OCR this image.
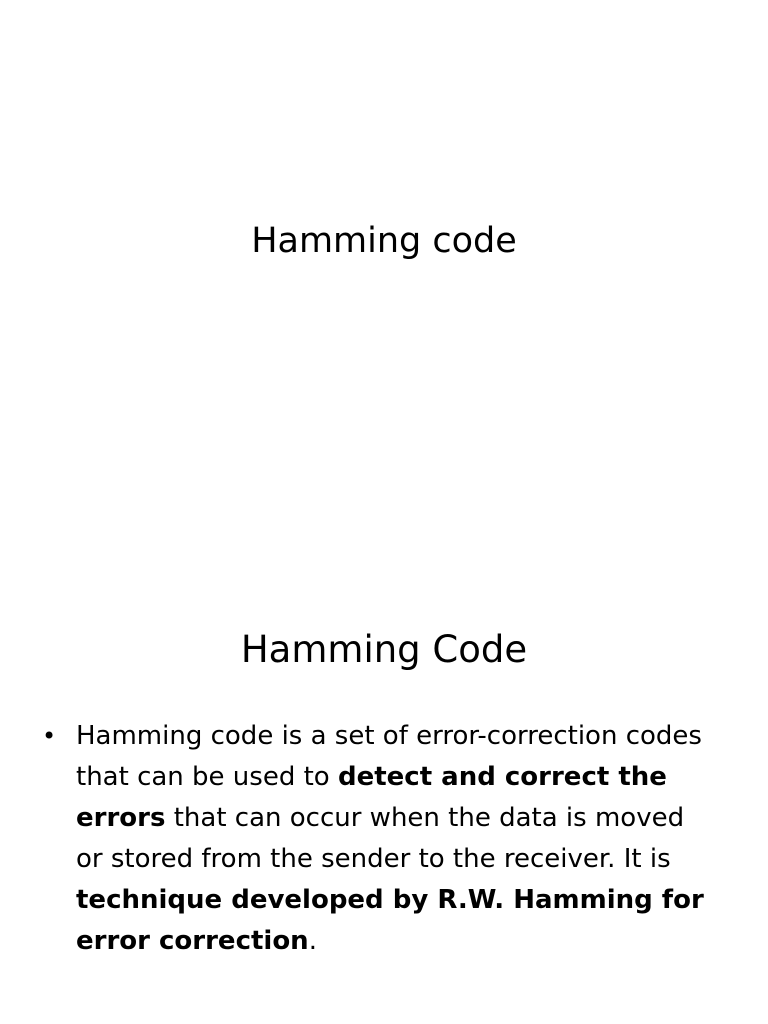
Hamming code
Hamming Code
• Hamming code is a set of error-correction codes that can be used to detect and correct the errors that can occur when the data is moved or stored from the sender to the receiver. It is technique developed by R.W. Hamming for error correction.
